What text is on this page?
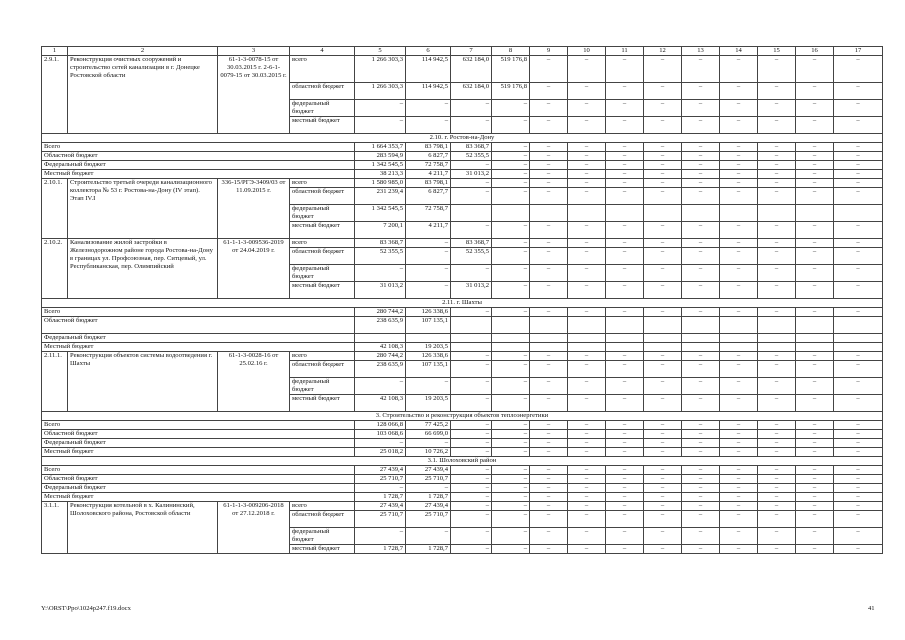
1	2	3	4	5	6	7	8	9	10	11	12	13	14	15	16	17
2.9.1.	Реконструкция очистных сооружений и строительство сетей канализации в г. Донецке Ростовской области	61-1-3-0078-15 от 30.03.2015 г. 2-6-1-0079-15 от 30.03.2015 г.	всего	1 266 303,3	114 942,5	632 184,0	519 176,8	–	–	–	–	–	–	–	–	–
			областной бюджет	1 266 303,3	114 942,5	632 184,0	519 176,8	–	–	–	–	–	–	–	–	–
			федеральный бюджет	–	–	–	–	–	–	–	–	–	–	–	–	–
			местный бюджет	–	–	–	–	–	–	–	–	–	–	–	–	–
2.10. г. Ростов-на-Дону																
Всего				1 664 353,7	83 798,1	83 368,7	–	–	–	–	–	–	–	–	–	–
Областной бюджет				283 594,9	6 827,7	52 355,5	–	–	–	–	–	–	–	–	–	–
Федеральный бюджет				1 342 545,5	72 758,7	–	–	–	–	–	–	–	–	–	–	–
Местный бюджет				38 213,3	4 211,7	31 013,2	–	–	–	–	–	–	–	–	–	–
2.10.1.	Строительство третьей очереди канализационного коллектора № 53 г. Ростова-на-Дону (IV этап). Этап IV.I	336-15/РГЭ-3409/03 от 11.09.2015 г.	всего	1 580 985,0	83 798,1	–	–	–	–	–	–	–	–	–	–	–
			областной бюджет	231 239,4	6 827,7	–	–	–	–	–	–	–	–	–	–	–
			федеральный бюджет	1 342 545,5	72 758,7											
			местный бюджет	7 200,1	4 211,7	–	–	–	–	–	–	–	–	–	–	–
2.10.2.	Канализование жилой застройки в Железнодорожном районе города Ростова-на-Дону в границах ул. Профсоюзная, пер. Ситцевый, ул. Республиканская, пер. Олимпийский	61-1-1-3-009536-2019 от 24.04.2019 г.	всего	83 368,7	–	83 368,7	–	–	–	–	–	–	–	–	–	–
			областной бюджет	52 355,5	–	52 355,5	–	–	–	–	–	–	–	–	–	–
			федеральный бюджет	–	–	–	–	–	–	–	–	–	–	–	–	–
			местный бюджет	31 013,2	–	31 013,2	–	–	–	–	–	–	–	–	–	–
2.11. г. Шахты																
Всего				280 744,2	126 338,6	–	–	–	–	–	–	–	–	–	–	–
Областной бюджет				238 635,9	107 135,1											
Федеральный бюджет																
Местный бюджет				42 108,3	19 203,5											
2.11.1.	Реконструкция объектов системы водоотведения г. Шахты	61-1-3-0028-16 от 25.02.16 г.	всего	280 744,2	126 338,6	–	–	–	–	–	–	–	–	–	–	–
			областной бюджет	238 635,9	107 135,1	–	–	–	–	–	–	–	–	–	–	–
			федеральный бюджет	–	–	–	–	–	–	–	–	–	–	–	–	–
			местный бюджет	42 108,3	19 203,5	–	–	–	–	–	–	–	–	–	–	–
3. Строительство и реконструкция объектов теплоэнергетики																
Всего				128 066,8	77 425,2	–	–	–	–	–	–	–	–	–	–	–
Областной бюджет				103 068,6	66 699,0	–	–	–	–	–	–	–	–	–	–	–
Федеральный бюджет				–	–	–	–	–	–	–	–	–	–	–	–	–
Местный бюджет				25 018,2	10 726,2	–	–	–	–	–	–	–	–	–	–	–
3.1. Шолоховский район																
Всего				27 439,4	27 439,4	–	–	–	–	–	–	–	–	–	–	–
Областной бюджет				25 710,7	25 710,7	–	–	–	–	–	–	–	–	–	–	–
Федеральный бюджет				–	–	–	–	–	–	–	–	–	–	–	–	–
Местный бюджет				1 728,7	1 728,7	–	–	–	–	–	–	–	–	–	–	–
3.1.1.	Реконструкция котельной в х. Калининский, Шолоховского района, Ростовской области	61-1-1-3-009206-2018 от 27.12.2018 г.	всего	27 439,4	27 439,4	–	–	–	–	–	–	–	–	–	–	–
			областной бюджет	25 710,7	25 710,7	–	–	–	–	–	–	–	–	–	–	–
			федеральный бюджет	–	–	–	–	–	–	–	–	–	–	–	–	–
			местный бюджет	1 728,7	1 728,7	–	–	–	–	–	–	–	–	–	–	–
Y:\ORST\Ppo\1024p247.f19.docx	41
